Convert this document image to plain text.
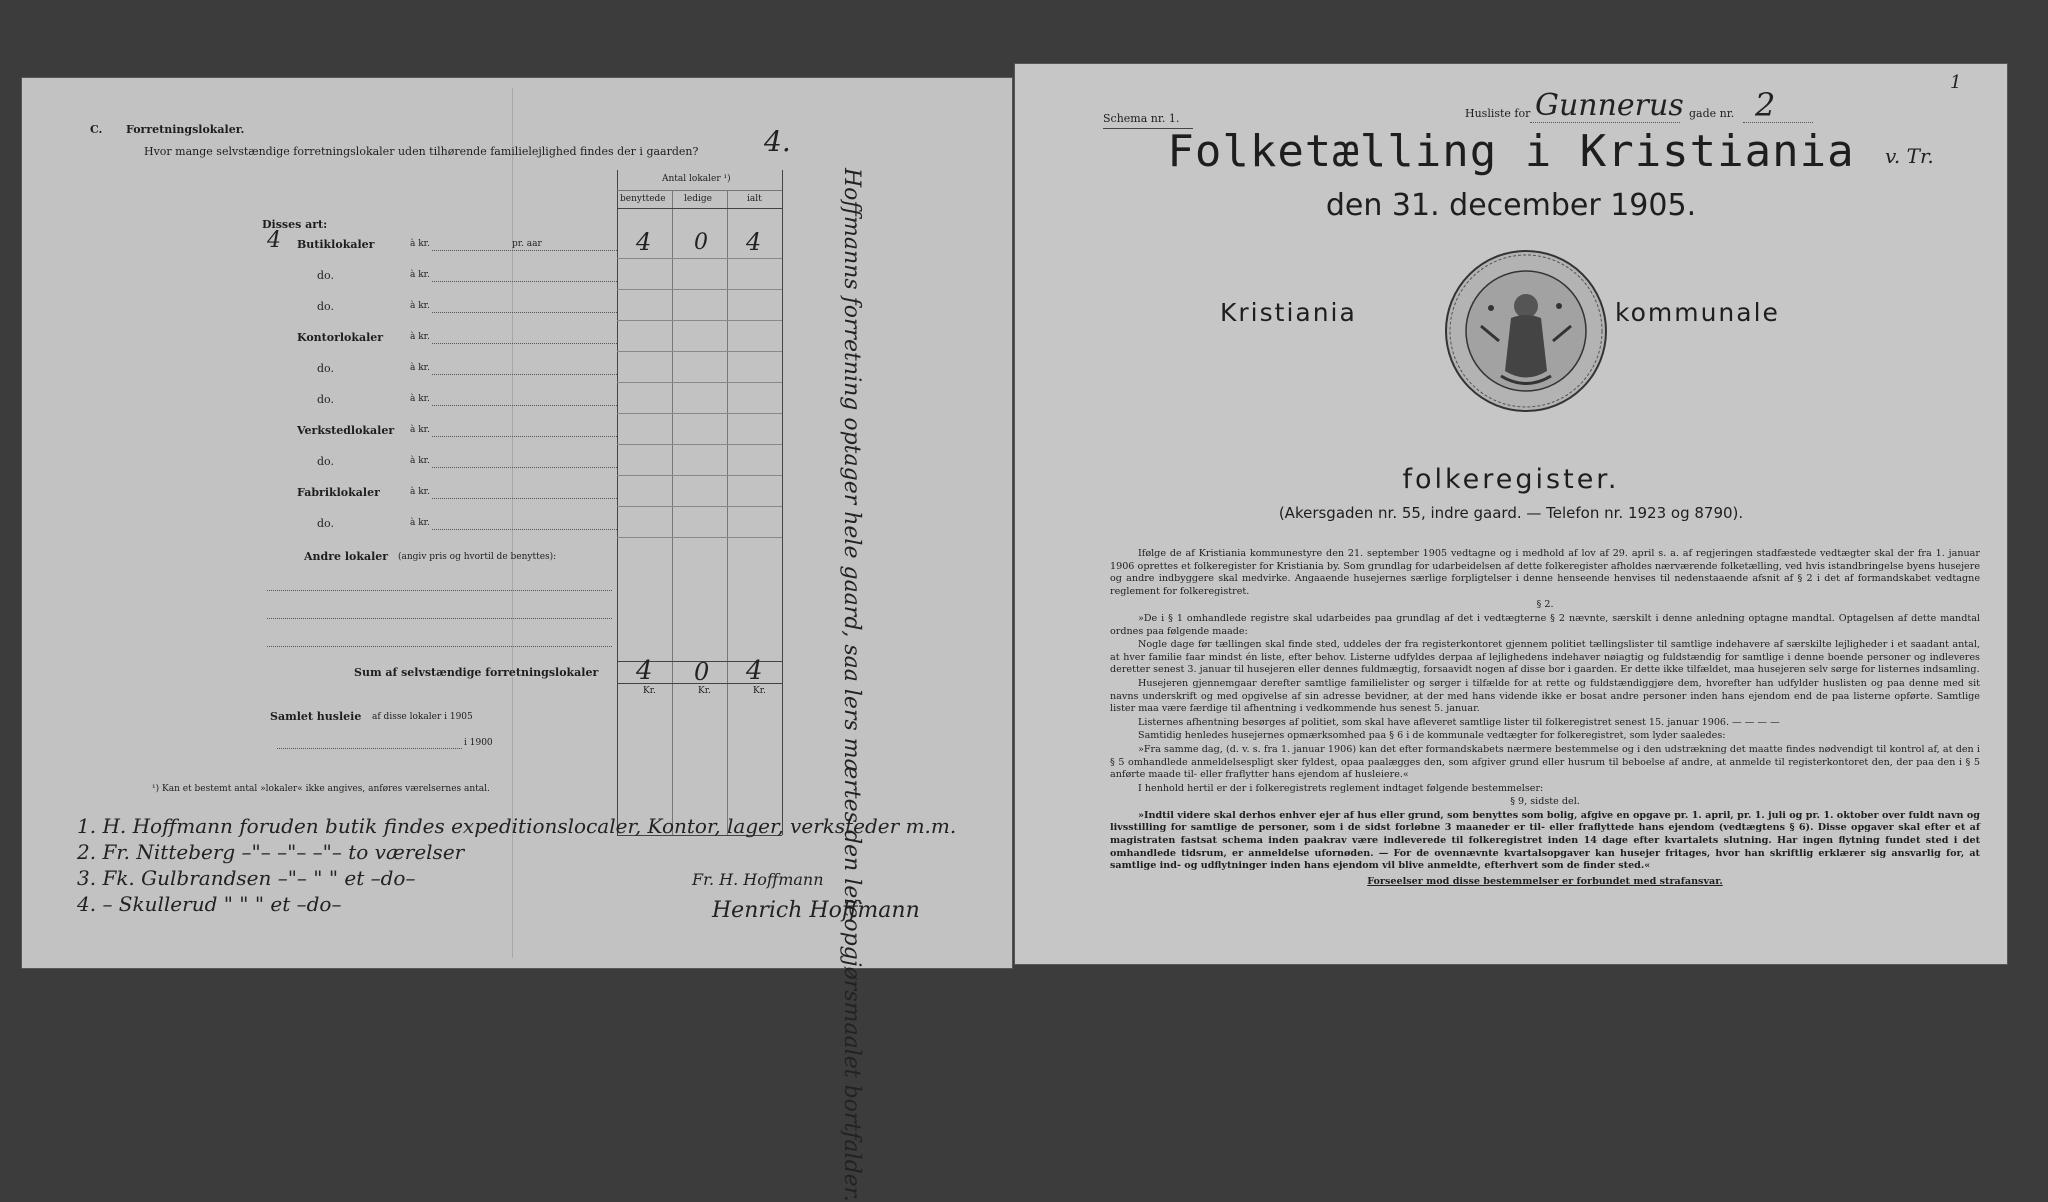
C. Forretningslokaler.
Hvor mange selvstændige forretningslokaler uden tilhørende familielejlighed findes der i gaarden? 4.
Antal lokaler ¹)
benyttede ledige	ialt
Disses art:
4 Butiklokaler	à kr.	pr. aar	4 0 4
do.	à kr.
do.	à kr.
Kontorlokaler	à kr.
do.	à kr.
do.	à kr.
Verkstedlokaler à kr.
do.	à kr.
Fabriklokaler	à kr.
do.	à kr.
Andre lokaler (angiv pris og hvortil de benyttes):
Sum af selvstændige forretningslokaler 4 0 4
Kr.	Kr.	Kr.
Samlet husleie af disse lokaler i 1905
i 1900
¹) Kan et bestemt antal »lokaler« ikke angives, anføres værelsernes antal.	Hoffmanns forretning optager hele gaard, saa lers mærtes den leieopgjørsmaalet bortfalder.
1. H. Hoffmann foruden butik findes expeditionslocaler, Kontor, lager, verksteder m.m.
2. Fr. Nitteberg –"– –"– –"– to værelser
3. Fk. Gulbrandsen –"– " " et –do–
4. – Skullerud " " " et –do–
Fr. H. Hoffmann
Henrich Hoffmann
Schema nr. 1.	Husliste for Gunnerus gade nr. 2
1
v. Tr.
Folketælling i Kristiania
den 31. december 1905.
Kristiania	kommunale
folkeregister.
(Akersgaden nr. 55, indre gaard. — Telefon nr. 1923 og 8790).

Ifølge de af Kristiania kommunestyre den 21. september 1905 vedtagne og i medhold af lov af 29. april s. a. af regjeringen stadfæstede vedtægter skal der fra 1. januar 1906 oprettes et folkeregister for Kristiania by. Som grundlag for udarbeidelsen af dette folkeregister afholdes nærværende folketælling, ved hvis istandbringelse byens husejere og andre indbyggere skal medvirke. Angaaende husejernes særlige forpligtelser i denne henseende henvises til nedenstaaende afsnit af § 2 i det af formandskabet vedtagne reglement for folkeregistret.

§ 2.

»De i § 1 omhandlede registre skal udarbeides paa grundlag af det i vedtægterne § 2 nævnte, særskilt i denne anledning optagne mandtal. Optagelsen af dette mandtal ordnes paa følgende maade:

Nogle dage før tællingen skal finde sted, uddeles der fra registerkontoret gjennem politiet tællingslister til samtlige indehavere af særskilte lejligheder i et saadant antal, at hver familie faar mindst én liste, efter behov. Listerne udfyldes derpaa af lejlighedens indehaver nøiagtig og fuldstændig for samtlige i denne boende personer og indleveres deretter senest 3. januar til husejeren eller dennes fuldmægtig, forsaavidt nogen af disse bor i gaarden. Er dette ikke tilfældet, maa husejeren selv sørge for listernes indsamling.

Husejeren gjennemgaar derefter samtlige familielister og sørger i tilfælde for at rette og fuldstændiggjøre dem, hvorefter han udfylder huslisten og paa denne med sit navns underskrift og med opgivelse af sin adresse bevidner, at der med hans vidende ikke er bosat andre personer inden hans ejendom end de paa listerne opførte. Samtlige lister maa være færdige til afhentning i vedkommende hus senest 5. januar.

Listernes afhentning besørges af politiet, som skal have afleveret samtlige lister til folkeregistret senest 15. januar 1906. — — — —

Samtidig henledes husejernes opmærksomhed paa § 6 i de kommunale vedtægter for folkeregistret, som lyder saaledes:

»Fra samme dag, (d. v. s. fra 1. januar 1906) kan det efter formandskabets nærmere bestemmelse og i den udstrækning det maatte findes nødvendigt til kontrol af, at den i § 5 omhandlede anmeldelsespligt sker fyldest, opaa paalægges den, som afgiver grund eller husrum til beboelse af andre, at anmelde til registerkontoret den, der paa den i § 5 anførte maade til- eller fraflytter hans ejendom af husleiere.«

I henhold hertil er der i folkeregistrets reglement indtaget følgende bestemmelser:

§ 9, sidste del.

»Indtil videre skal derhos enhver ejer af hus eller grund, som benyttes som bolig, afgive en opgave pr. 1. april, pr. 1. juli og pr. 1. oktober over fuldt navn og livsstilling for samtlige de personer, som i de sidst forløbne 3 maaneder er til- eller fraflyttede hans ejendom (vedtægtens § 6). Disse opgaver skal efter et af magistraten fastsat schema inden paakrav være indleverede til folkeregistret inden 14 dage efter kvartalets slutning. Har ingen flytning fundet sted i det omhandlede tidsrum, er anmeldelse ufornøden. — For de ovennævnte kvartalsopgaver kan husejer fritages, hvor han skriftlig erklærer sig ansvarlig for, at samtlige ind- og udflytninger inden hans ejendom vil blive anmeldte, efterhvert som de finder sted.«

Forseelser mod disse bestemmelser er forbundet med strafansvar.
